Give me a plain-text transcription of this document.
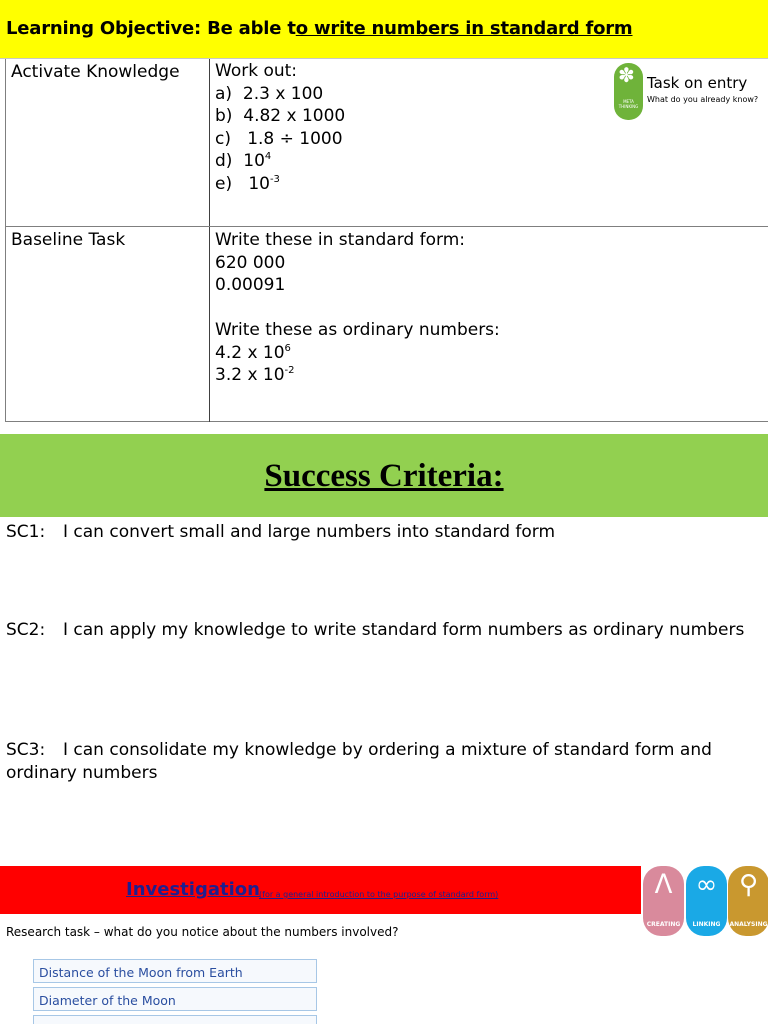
Learning Objective: Be able to write numbers in standard form
Activate Knowledge Work out:
a) 2.3 x 100
b) 4.82 x 1000
c) 1.8 ÷ 1000
d) $10^4$
e) $10^{-3}$
Baseline Task	Write these in standard form:
620 000
0.00091
Write these as ordinary numbers:
4.2 x $10^6$
3.2 x $10^{-2}$
✽
META THINKING
Task on entry
What do you already know?
Success Criteria:
SC1: I can convert small and large numbers into standard form
SC2: I can apply my knowledge to write standard form numbers as ordinary numbers
SC3: I can consolidate my knowledge by ordering a mixture of standard form and ordinary numbers
Investigation (for a general introduction to the purpose of standard form)	ᐱ
CREATING
∞
LINKING
⚲
ANALYSING
Research task – what do you notice about the numbers involved?
Distance of the Moon from Earth
Diameter of the Moon
